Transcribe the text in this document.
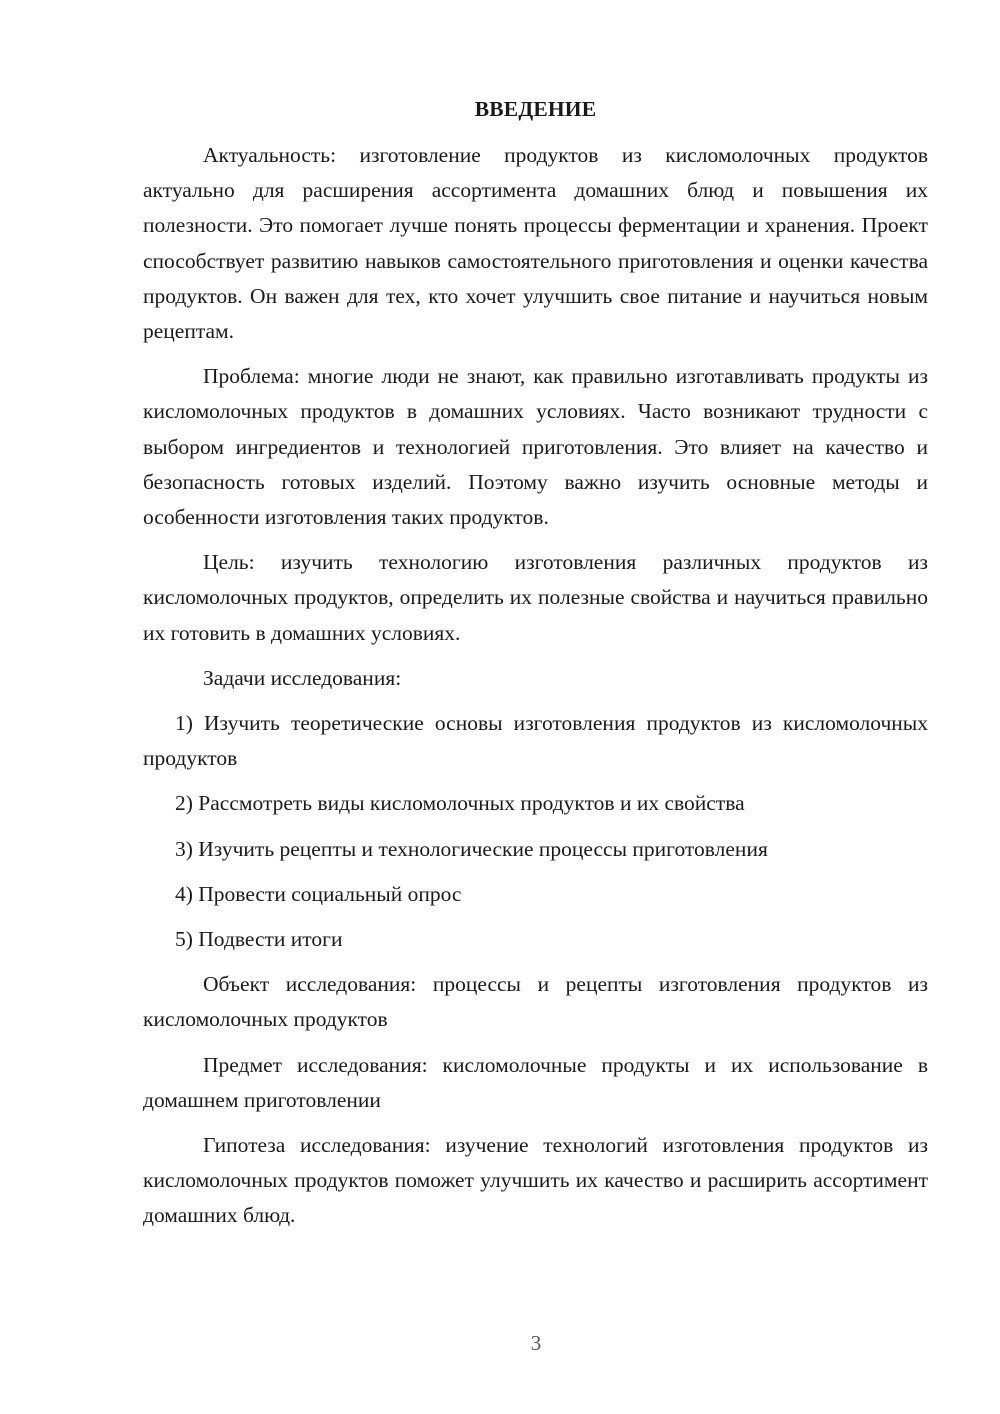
ВВЕДЕНИЕ

Актуальность: изготовление продуктов из кисломолочных продуктов актуально для расширения ассортимента домашних блюд и повышения их полезности. Это помогает лучше понять процессы ферментации и хранения. Проект способствует развитию навыков самостоятельного приготовления и оценки качества продуктов. Он важен для тех, кто хочет улучшить свое питание и научиться новым рецептам.

Проблема: многие люди не знают, как правильно изготавливать продукты из кисломолочных продуктов в домашних условиях. Часто возникают трудности с выбором ингредиентов и технологией приготовления. Это влияет на качество и безопасность готовых изделий. Поэтому важно изучить основные методы и особенности изготовления таких продуктов.

Цель: изучить технологию изготовления различных продуктов из кисломолочных продуктов, определить их полезные свойства и научиться правильно их готовить в домашних условиях.

Задачи исследования:

1) Изучить теоретические основы изготовления продуктов из кисломолочных продуктов

2) Рассмотреть виды кисломолочных продуктов и их свойства

3) Изучить рецепты и технологические процессы приготовления

4) Провести социальный опрос

5) Подвести итоги

Объект исследования: процессы и рецепты изготовления продуктов из кисломолочных продуктов

Предмет исследования: кисломолочные продукты и их использование в домашнем приготовлении

Гипотеза исследования: изучение технологий изготовления продуктов из кисломолочных продуктов поможет улучшить их качество и расширить ассортимент домашних блюд.

3
